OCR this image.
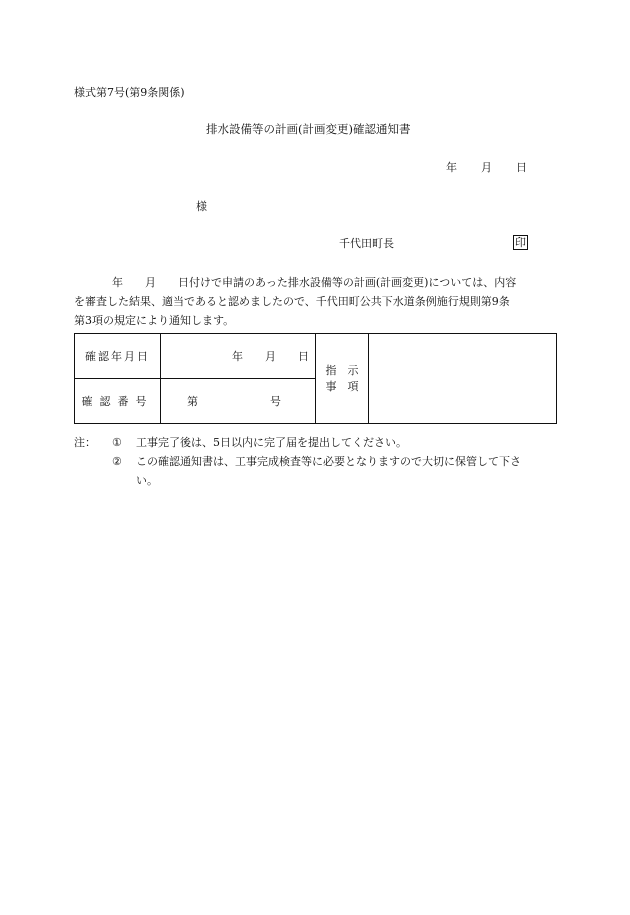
様式第7号(第9条関係)
排水設備等の計画(計画変更)確認通知書
年 月 日
様
千代田町長	印
年 月 日付けで申請のあった排水設備等の計画(計画変更)については、内容
を審査した結果、適当であると認めましたので、千代田町公共下水道条例施行規則第9条
第3項の規定により通知します。
確認年月日	年 月 日	指　示
事　項	

確認番号	第 号		
注： ① 工事完了後は、5日以内に完了届を提出してください。
② この確認通知書は、工事完成検査等に必要となりますので大切に保管して下さ
い。
